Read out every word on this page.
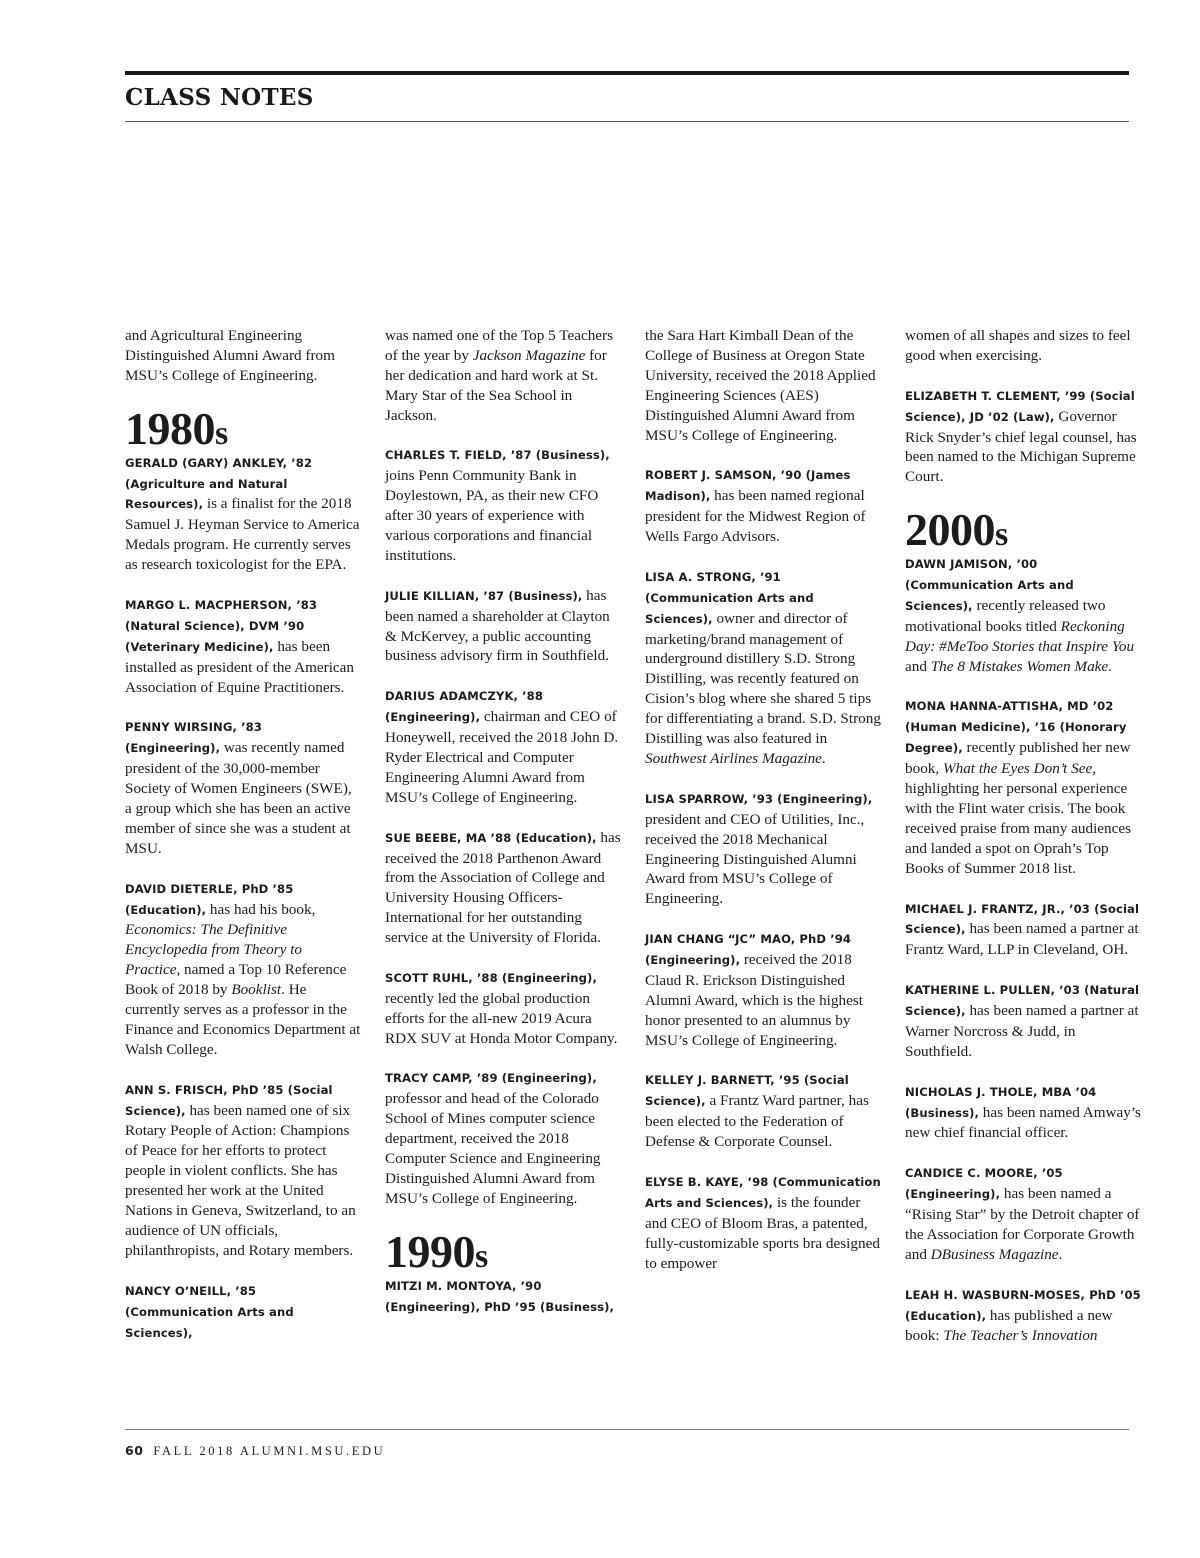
CLASS NOTES

and Agricultural Engineering Distinguished Alumni Award from MSU’s College of Engineering.

1980s

GERALD (GARY) ANKLEY, ’82 (Agriculture and Natural Resources), is a finalist for the 2018 Samuel J. Heyman Service to America Medals program. He currently serves as research toxicologist for the EPA.

MARGO L. MACPHERSON, ’83 (Natural Science), DVM ’90 (Veterinary Medicine), has been installed as president of the American Association of Equine Practitioners.

PENNY WIRSING, ’83 (Engineering), was recently named president of the 30,000-member Society of Women Engineers (SWE), a group which she has been an active member of since she was a student at MSU.

DAVID DIETERLE, PhD ’85 (Education), has had his book, Economics: The Definitive Encyclopedia from Theory to Practice, named a Top 10 Reference Book of 2018 by Booklist. He currently serves as a professor in the Finance and Economics Department at Walsh College.

ANN S. FRISCH, PhD ’85 (Social Science), has been named one of six Rotary People of Action: Champions of Peace for her efforts to protect people in violent conflicts. She has presented her work at the United Nations in Geneva, Switzerland, to an audience of UN officials, philanthropists, and Rotary members.

NANCY O’NEILL, ’85 (Communication Arts and Sciences),

was named one of the Top 5 Teachers of the year by Jackson Magazine for her dedication and hard work at St. Mary Star of the Sea School in Jackson.

CHARLES T. FIELD, ’87 (Business), joins Penn Community Bank in Doylestown, PA, as their new CFO after 30 years of experience with various corporations and financial institutions.

JULIE KILLIAN, ’87 (Business), has been named a shareholder at Clayton & McKervey, a public accounting business advisory firm in Southfield.

DARIUS ADAMCZYK, ’88 (Engineering), chairman and CEO of Honeywell, received the 2018 John D. Ryder Electrical and Computer Engineering Alumni Award from MSU’s College of Engineering.

SUE BEEBE, MA ’88 (Education), has received the 2018 Parthenon Award from the Association of College and University Housing Officers-International for her outstanding service at the University of Florida.

SCOTT RUHL, ’88 (Engineering), recently led the global production efforts for the all-new 2019 Acura RDX SUV at Honda Motor Company.

TRACY CAMP, ’89 (Engineering), professor and head of the Colorado School of Mines computer science department, received the 2018 Computer Science and Engineering Distinguished Alumni Award from MSU’s College of Engineering.

1990s

MITZI M. MONTOYA, ’90 (Engineering), PhD ’95 (Business),

the Sara Hart Kimball Dean of the College of Business at Oregon State University, received the 2018 Applied Engineering Sciences (AES) Distinguished Alumni Award from MSU’s College of Engineering.

ROBERT J. SAMSON, ’90 (James Madison), has been named regional president for the Midwest Region of Wells Fargo Advisors.

LISA A. STRONG, ’91 (Communication Arts and Sciences), owner and director of marketing/brand management of underground distillery S.D. Strong Distilling, was recently featured on Cision’s blog where she shared 5 tips for differentiating a brand. S.D. Strong Distilling was also featured in Southwest Airlines Magazine.

LISA SPARROW, ’93 (Engineering), president and CEO of Utilities, Inc., received the 2018 Mechanical Engineering Distinguished Alumni Award from MSU’s College of Engineering.

JIAN CHANG “JC” MAO, PhD ’94 (Engineering), received the 2018 Claud R. Erickson Distinguished Alumni Award, which is the highest honor presented to an alumnus by MSU’s College of Engineering.

KELLEY J. BARNETT, ’95 (Social Science), a Frantz Ward partner, has been elected to the Federation of Defense & Corporate Counsel.

ELYSE B. KAYE, ’98 (Communication Arts and Sciences), is the founder and CEO of Bloom Bras, a patented, fully-customizable sports bra designed to empower

women of all shapes and sizes to feel good when exercising.

ELIZABETH T. CLEMENT, ’99 (Social Science), JD ’02 (Law), Governor Rick Snyder’s chief legal counsel, has been named to the Michigan Supreme Court.

2000s

DAWN JAMISON, ’00 (Communication Arts and Sciences), recently released two motivational books titled Reckoning Day: #MeToo Stories that Inspire You and The 8 Mistakes Women Make.

MONA HANNA-ATTISHA, MD ’02 (Human Medicine), ’16 (Honorary Degree), recently published her new book, What the Eyes Don’t See, highlighting her personal experience with the Flint water crisis. The book received praise from many audiences and landed a spot on Oprah’s Top Books of Summer 2018 list.

MICHAEL J. FRANTZ, JR., ’03 (Social Science), has been named a partner at Frantz Ward, LLP in Cleveland, OH.

KATHERINE L. PULLEN, ’03 (Natural Science), has been named a partner at Warner Norcross & Judd, in Southfield.

NICHOLAS J. THOLE, MBA ’04 (Business), has been named Amway’s new chief financial officer.

CANDICE C. MOORE, ’05 (Engineering), has been named a “Rising Star” by the Detroit chapter of the Association for Corporate Growth and DBusiness Magazine.

LEAH H. WASBURN-MOSES, PhD ’05 (Education), has published a new book: The Teacher’s Innovation

60 FALL 2018 ALUMNI.MSU.EDU
